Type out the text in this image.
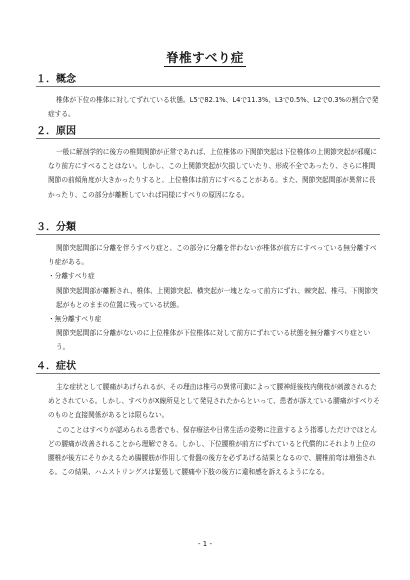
脊椎すべり症
１．概念

椎体が下位の椎体に対してずれている状態。L5で82.1%、L4で11.3%、L3で0.5%、L2で0.3%の割合で発症する。

２．原因

一般に解剖学的に後方の椎間関節が正常であれば、上位椎体の下関節突起は下位椎体の上関節突起が邪魔になり前方にすべることはない。しかし、この上関節突起が欠損していたり、形成不全であったり、さらに椎間関節の前傾角度が大きかったりすると、上位椎体は前方にすべることがある。また、関節突起間部が異常に長かったり、この部分が離断していれば同様にすべりの原因になる。

３．分類

関節突起間部に分離を伴うすべり症と、この部分に分離を伴わないが椎体が前方にすべっている無分離すべり症がある。

・分離すべり症

関節突起間部が離断され、椎体、上関節突起、横突起が一塊となって前方にずれ、棘突起、椎弓、下関節突起がもとのままの位置に残っている状態。

・無分離すべり症

関節突起間部に分離がないのに上位椎体が下位椎体に対して前方にずれている状態を無分離すべり症という。

４．症状

主な症状として腰痛があげられるが、その理由は椎弓の異常可動によって腰神経後枝内側枝が刺激されるためとされている。しかし、すべりがX線所見として発見されたからといって、患者が訴えている腰痛がすべりそのものと直接関係があるとは限らない。

このことはすべりが認められる患者でも、保存療法や日常生活の姿勢に注意するよう指導しただけでほとんどの腰痛が改善されることから理解できる。しかし、下位腰椎が前方にずれていると代償的にそれより上位の腰椎が後方にそりかえるため腸腰筋が作用して骨盤の後方を必ずあげる結果となるので、腰椎前弯は増強される。この結果、ハムストリングスは緊張して腰痛や下肢の後方に違和感を訴えるようになる。

- 1 -
